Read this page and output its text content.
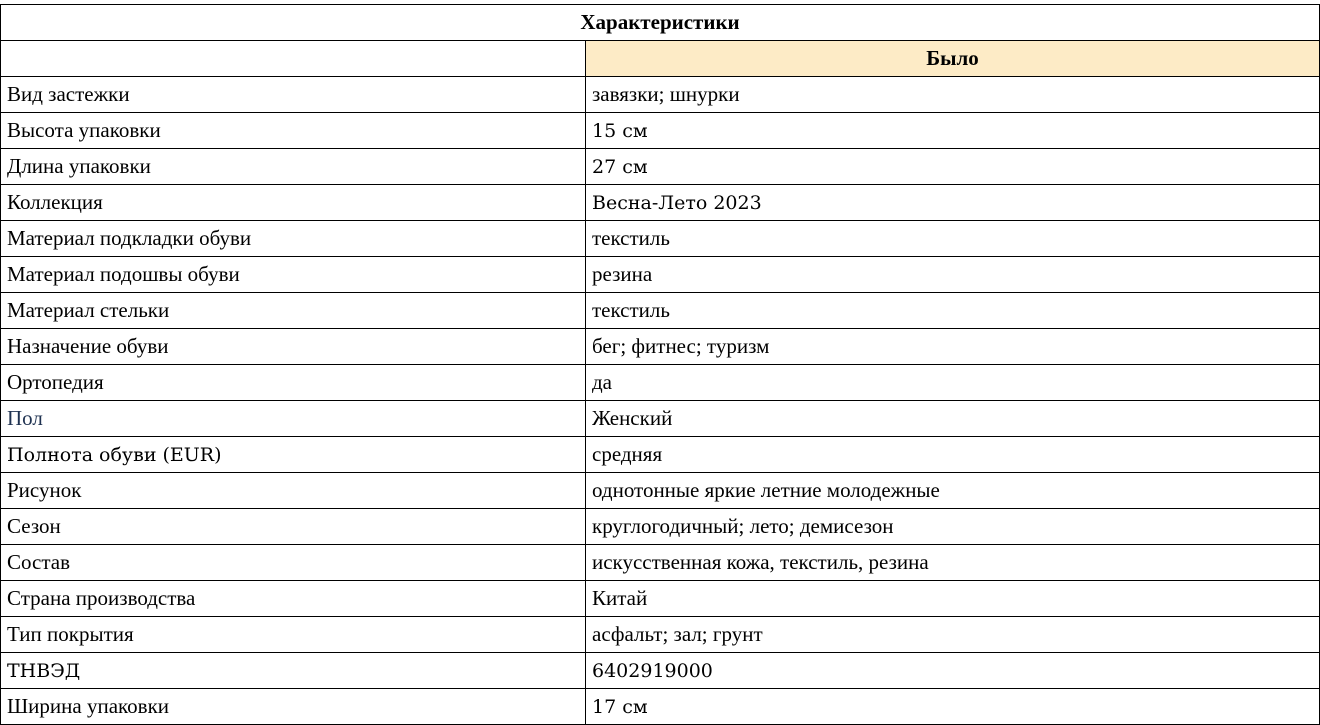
Характеристики	
	Было
Вид застежки	завязки; шнурки
Высота упаковки	15 см
Длина упаковки	27 см
Коллекция	Весна-Лето 2023
Материал подкладки обуви	текстиль
Материал подошвы обуви	резина
Материал стельки	текстиль
Назначение обуви	бег; фитнес; туризм
Ортопедия	да
Пол	Женский
Полнота обуви (EUR)	средняя
Рисунок	однотонные яркие летние молодежные
Сезон	круглогодичный; лето; демисезон
Состав	искусственная кожа, текстиль, резина
Страна производства	Китай
Тип покрытия	асфальт; зал; грунт
ТНВЭД	6402919000
Ширина упаковки	17 см
